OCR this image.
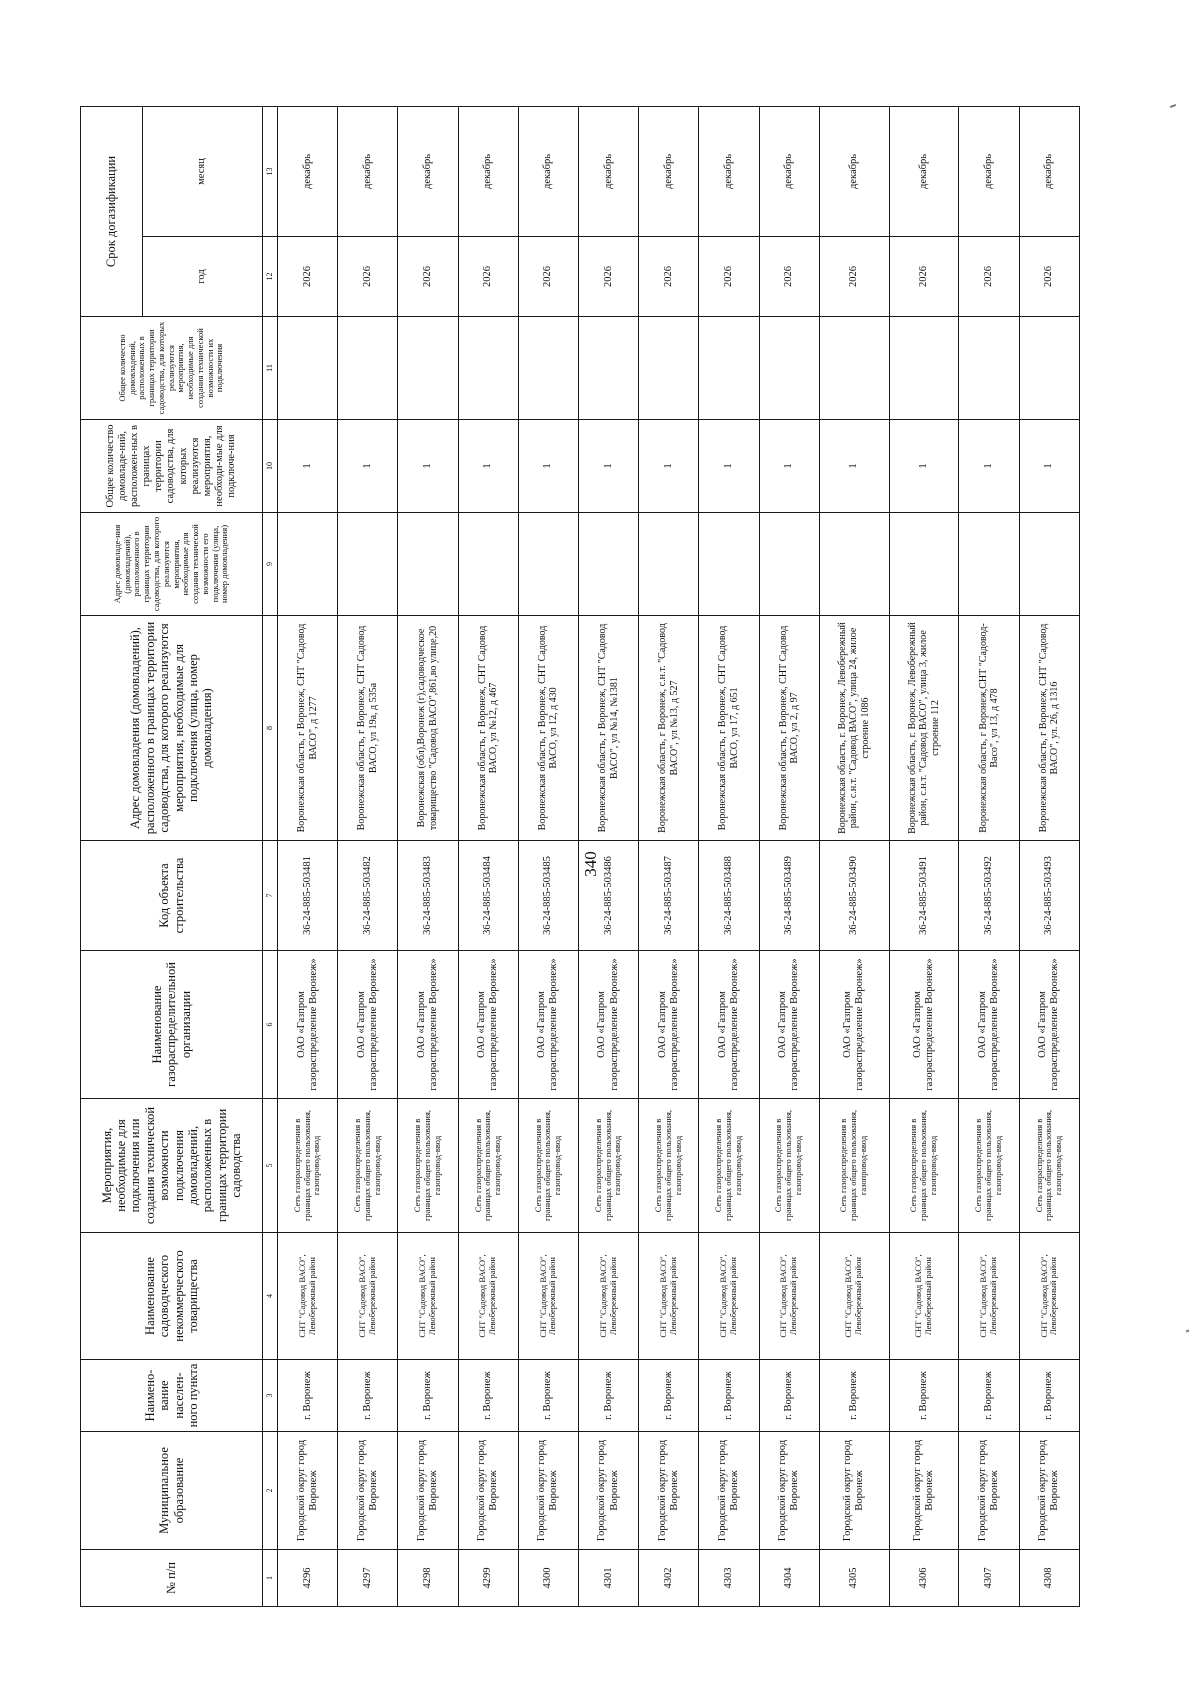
340
№ п/п	Муниципальное образование	Наимено-вание населен-ного пункта	Наименование садоводческого некоммерческого товарищества	Мероприятия, необходимые для подключения или создания технической возможности подключения домовладений, расположенных в границах территории садоводства	Наименование газораспределительной организации	Код объекта строительства	Адрес домовладения (домовладений), расположенного в границах территории садоводства, для которого реализуются мероприятия, необходимые для подключения (улица, номер домовладения)	Адрес домовладе-ния (домовладений), расположенного в границах территории садоводства, для которого реализуются мероприятия, необходимые для создания технической возможности его подключения (улица, номер домовладения)	Общее количество домовладе-ний, расположен-ных в границах территории садоводства, для которых реализуются мероприятия, необходи-мые для подключе-ния	Общее количество домовладений, расположенных в границах территории садоводства, для которых реализуются мероприятия, необходимые для создания технической возможности их подключения	Срок догазификации	
											год	месяц
1	2	3	4	5	6	7	8	9	10	11	12	13
4296	Городской округ город Воронеж	г. Воронеж	СНТ "Садовод ВАСО", Левобережный район	Сеть газораспределения в границах общего пользования, газопровод-ввод	ОАО «Газпром газораспределение Воронеж»	36-24-885-503481	Воронежская область, г Воронеж, СНТ "Садовод ВАСО", д 1277		1		2026	декабрь
4297	Городской округ город Воронеж	г. Воронеж	СНТ "Садовод ВАСО", Левобережный район	Сеть газораспределения в границах общего пользования, газопровод-ввод	ОАО «Газпром газораспределение Воронеж»	36-24-885-503482	Воронежская область, г Воронеж, СНТ Садовод ВАСО, ул 19а, д 535а		1		2026	декабрь
4298	Городской округ город Воронеж	г. Воронеж	СНТ "Садовод ВАСО", Левобережный район	Сеть газораспределения в границах общего пользования, газопровод-ввод	ОАО «Газпром газораспределение Воронеж»	36-24-885-503483	Воронежская (обл),Воронеж (г),садоводческое товарищество "Садовод ВАСО",861,во улице,20		1		2026	декабрь
4299	Городской округ город Воронеж	г. Воронеж	СНТ "Садовод ВАСО", Левобережный район	Сеть газораспределения в границах общего пользования, газопровод-ввод	ОАО «Газпром газораспределение Воронеж»	36-24-885-503484	Воронежская область, г Воронеж, СНТ Садовод ВАСО, ул №12, д 467		1		2026	декабрь
4300	Городской округ город Воронеж	г. Воронеж	СНТ "Садовод ВАСО", Левобережный район	Сеть газораспределения в границах общего пользования, газопровод-ввод	ОАО «Газпром газораспределение Воронеж»	36-24-885-503485	Воронежская область, г Воронеж, СНТ Садовод ВАСО, ул 12, д 430		1		2026	декабрь
4301	Городской округ город Воронеж	г. Воронеж	СНТ "Садовод ВАСО", Левобережный район	Сеть газораспределения в границах общего пользования, газопровод-ввод	ОАО «Газпром газораспределение Воронеж»	36-24-885-503486	Воронежская область, г Воронеж, СНТ "Садовод ВАСО", ул №14, №1381		1		2026	декабрь
4302	Городской округ город Воронеж	г. Воронеж	СНТ "Садовод ВАСО", Левобережный район	Сеть газораспределения в границах общего пользования, газопровод-ввод	ОАО «Газпром газораспределение Воронеж»	36-24-885-503487	Воронежская область, г Воронеж, с.н.т. "Садовод ВАСО", ул №13, д 527		1		2026	декабрь
4303	Городской округ город Воронеж	г. Воронеж	СНТ "Садовод ВАСО", Левобережный район	Сеть газораспределения в границах общего пользования, газопровод-ввод	ОАО «Газпром газораспределение Воронеж»	36-24-885-503488	Воронежская область, г Воронеж, СНТ Садовод ВАСО, ул 17, д 651		1		2026	декабрь
4304	Городской округ город Воронеж	г. Воронеж	СНТ "Садовод ВАСО", Левобережный район	Сеть газораспределения в границах общего пользования, газопровод-ввод	ОАО «Газпром газораспределение Воронеж»	36-24-885-503489	Воронежская область, г Воронеж, СНТ Садовод ВАСО, ул 2, д 97		1		2026	декабрь
4305	Городской округ город Воронеж	г. Воронеж	СНТ "Садовод ВАСО", Левобережный район	Сеть газораспределения в границах общего пользования, газопровод-ввод	ОАО «Газпром газораспределение Воронеж»	36-24-885-503490	Воронежская область, г. Воронеж, Левобережный район, с.н.т. "Садовод ВАСО", улица 24, жилое строение 1086		1		2026	декабрь
4306	Городской округ город Воронеж	г. Воронеж	СНТ "Садовод ВАСО", Левобережный район	Сеть газораспределения в границах общего пользования, газопровод-ввод	ОАО «Газпром газораспределение Воронеж»	36-24-885-503491	Воронежская область, г. Воронеж, Левобережный район, с.н.т. "Садовод ВАСО", улица 3, жилое строение 112		1		2026	декабрь
4307	Городской округ город Воронеж	г. Воронеж	СНТ "Садовод ВАСО", Левобережный район	Сеть газораспределения в границах общего пользования, газопровод-ввод	ОАО «Газпром газораспределение Воронеж»	36-24-885-503492	Воронежская область, г Воронеж,СНТ "Садовод-Васо", ул 13, д 478		1		2026	декабрь
4308	Городской округ город Воронеж	г. Воронеж	СНТ "Садовод ВАСО", Левобережный район	Сеть газораспределения в границах общего пользования, газопровод-ввод	ОАО «Газпром газораспределение Воронеж»	36-24-885-503493	Воронежская область, г Воронеж, СНТ "Садовод ВАСО", ул. 26, д 1316		1		2026	декабрь
